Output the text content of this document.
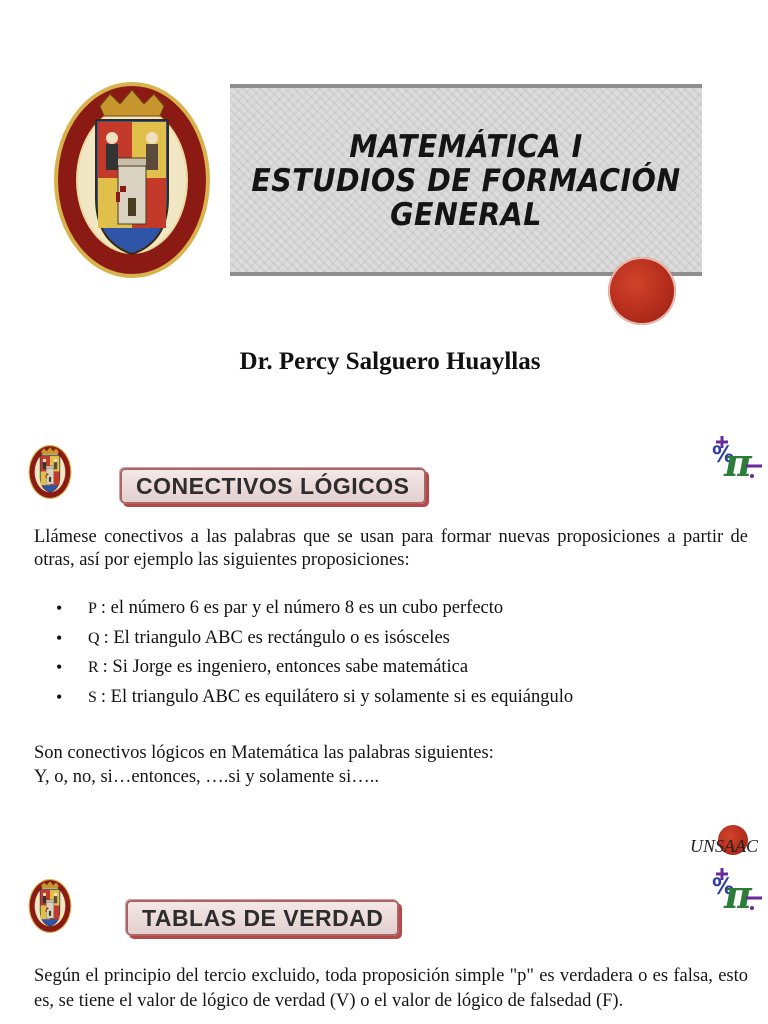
MATEMÁTICA I
ESTUDIOS DE FORMACIÓN
GENERAL
Dr. Percy Salguero Huayllas
CONECTIVOS LÓGICOS
Llámese conectivos a las palabras que se usan para formar nuevas proposiciones a partir de otras, así por ejemplo las siguientes proposiciones:
• P : el número 6 es par y el número 8 es un cubo perfecto
• Q : El triangulo ABC es rectángulo o es isósceles
• R : Si Jorge es ingeniero, entonces sabe matemática
• S : El triangulo ABC es equilátero si y solamente si es equiángulo
Son conectivos lógicos en Matemática las palabras siguientes:
Y, o, no, si…entonces, ….si y solamente si…..
UNSAAC
TABLAS DE VERDAD
Según el principio del tercio excluido, toda proposición simple "p" es verdadera o es falsa, esto es, se tiene el valor de lógico de verdad (V) o el valor de lógico de falsedad (F).
